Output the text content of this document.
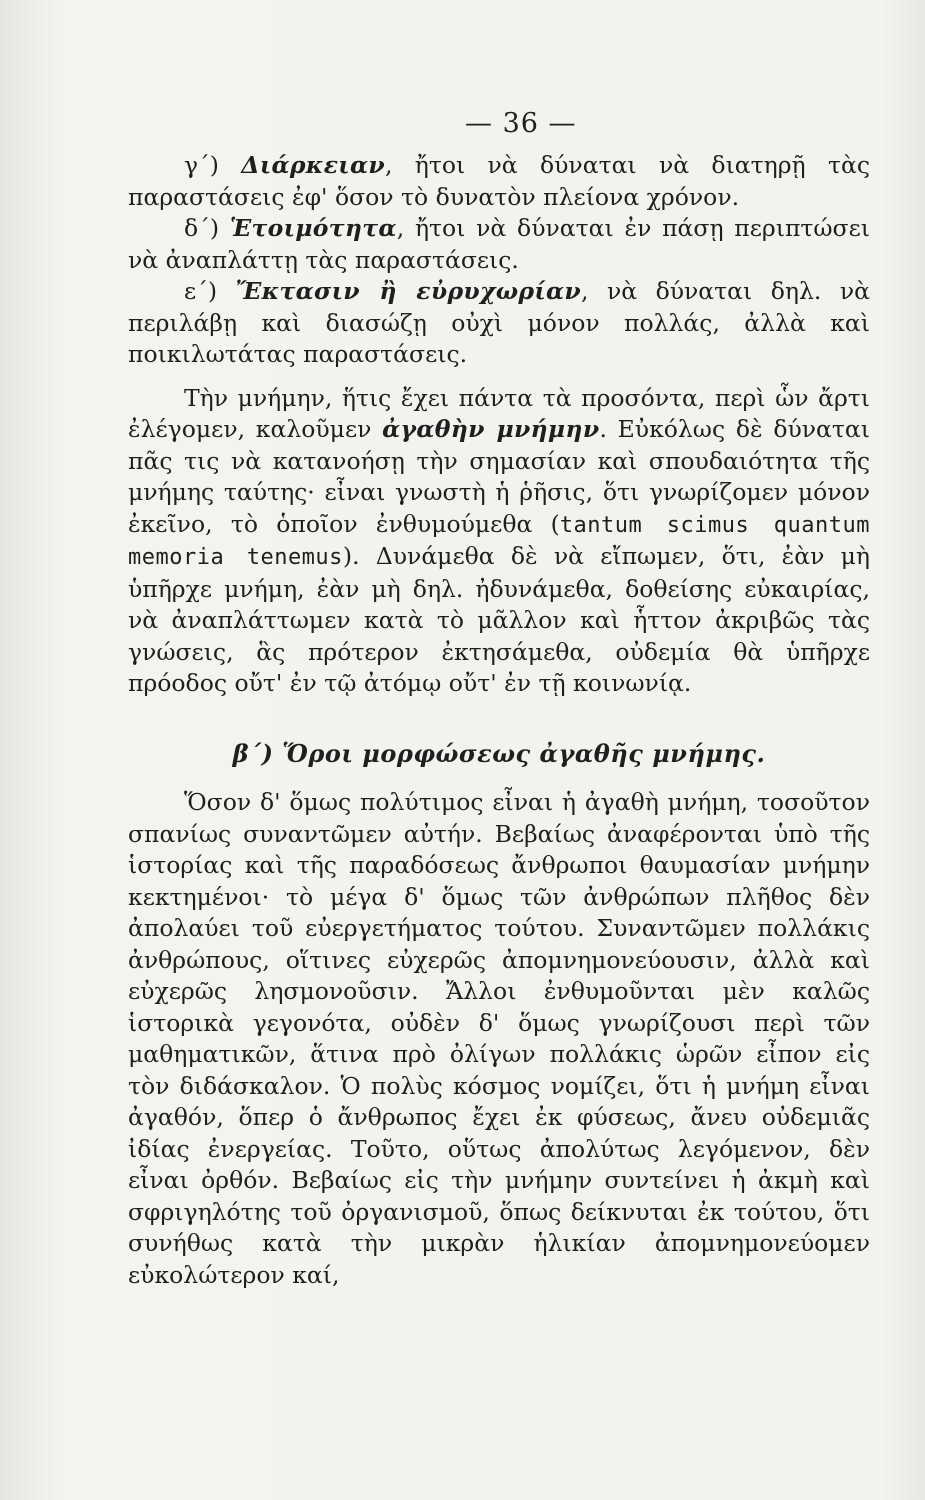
— 36 —

γ´) Διάρκειαν, ἤτοι νὰ δύναται νὰ διατηρῇ τὰς παραστάσεις ἐφ' ὅσον τὸ δυνατὸν πλείονα χρόνον.

δ´) Ἑτοιμότητα, ἤτοι νὰ δύναται ἐν πάσῃ περιπτώσει νὰ ἀναπλάττῃ τὰς παραστάσεις.

ε´) Ἔκτασιν ἢ εὐρυχωρίαν, νὰ δύναται δηλ. νὰ περιλάβῃ καὶ διασώζῃ οὐχὶ μόνον πολλάς, ἀλλὰ καὶ ποικιλωτάτας παραστάσεις.

Τὴν μνήμην, ἥτις ἔχει πάντα τὰ προσόντα, περὶ ὧν ἄρτι ἐλέγομεν, καλοῦμεν ἀγαθὴν μνήμην. Εὐκόλως δὲ δύναται πᾶς τις νὰ κατανοήσῃ τὴν σημασίαν καὶ σπουδαιότητα τῆς μνήμης ταύτης· εἶναι γνωστὴ ἡ ῥῆσις, ὅτι γνωρίζομεν μόνον ἐκεῖνο, τὸ ὁποῖον ἐνθυμούμεθα (tantum scimus quantum memoria tenemus). Δυνάμεθα δὲ νὰ εἴπωμεν, ὅτι, ἐὰν μὴ ὑπῆρχε μνήμη, ἐὰν μὴ δηλ. ἠδυνάμεθα, δοθείσης εὐκαιρίας, νὰ ἀναπλάττωμεν κατὰ τὸ μᾶλλον καὶ ἧττον ἀκριβῶς τὰς γνώσεις, ἃς πρότερον ἐκτησάμεθα, οὐδεμία θὰ ὑπῆρχε πρόοδος οὔτ' ἐν τῷ ἀτόμῳ οὔτ' ἐν τῇ κοινωνίᾳ.

β´) Ὅροι μορφώσεως ἀγαθῆς μνήμης.

Ὅσον δ' ὅμως πολύτιμος εἶναι ἡ ἀγαθὴ μνήμη, τοσοῦτον σπανίως συναντῶμεν αὐτήν. Βεβαίως ἀναφέρονται ὑπὸ τῆς ἱστορίας καὶ τῆς παραδόσεως ἄνθρωποι θαυμασίαν μνήμην κεκτημένοι· τὸ μέγα δ' ὅμως τῶν ἀνθρώπων πλῆθος δὲν ἀπολαύει τοῦ εὐεργετήματος τούτου. Συναντῶμεν πολλάκις ἀνθρώπους, οἵτινες εὐχερῶς ἀπομνημονεύουσιν, ἀλλὰ καὶ εὐχερῶς λησμονοῦσιν. Ἄλλοι ἐνθυμοῦνται μὲν καλῶς ἱστορικὰ γεγονότα, οὐδὲν δ' ὅμως γνωρίζουσι περὶ τῶν μαθηματικῶν, ἅτινα πρὸ ὀλίγων πολλάκις ὡρῶν εἶπον εἰς τὸν διδάσκαλον. Ὁ πολὺς κόσμος νομίζει, ὅτι ἡ μνήμη εἶναι ἀγαθόν, ὅπερ ὁ ἄνθρωπος ἔχει ἐκ φύσεως, ἄνευ οὐδεμιᾶς ἰδίας ἐνεργείας. Τοῦτο, οὕτως ἀπολύτως λεγόμενον, δὲν εἶναι ὀρθόν. Βεβαίως εἰς τὴν μνήμην συντείνει ἡ ἀκμὴ καὶ σφριγηλότης τοῦ ὀργανισμοῦ, ὅπως δείκνυται ἐκ τούτου, ὅτι συνήθως κατὰ τὴν μικρὰν ἡλικίαν ἀπομνημονεύομεν εὐκολώτερον καί,
